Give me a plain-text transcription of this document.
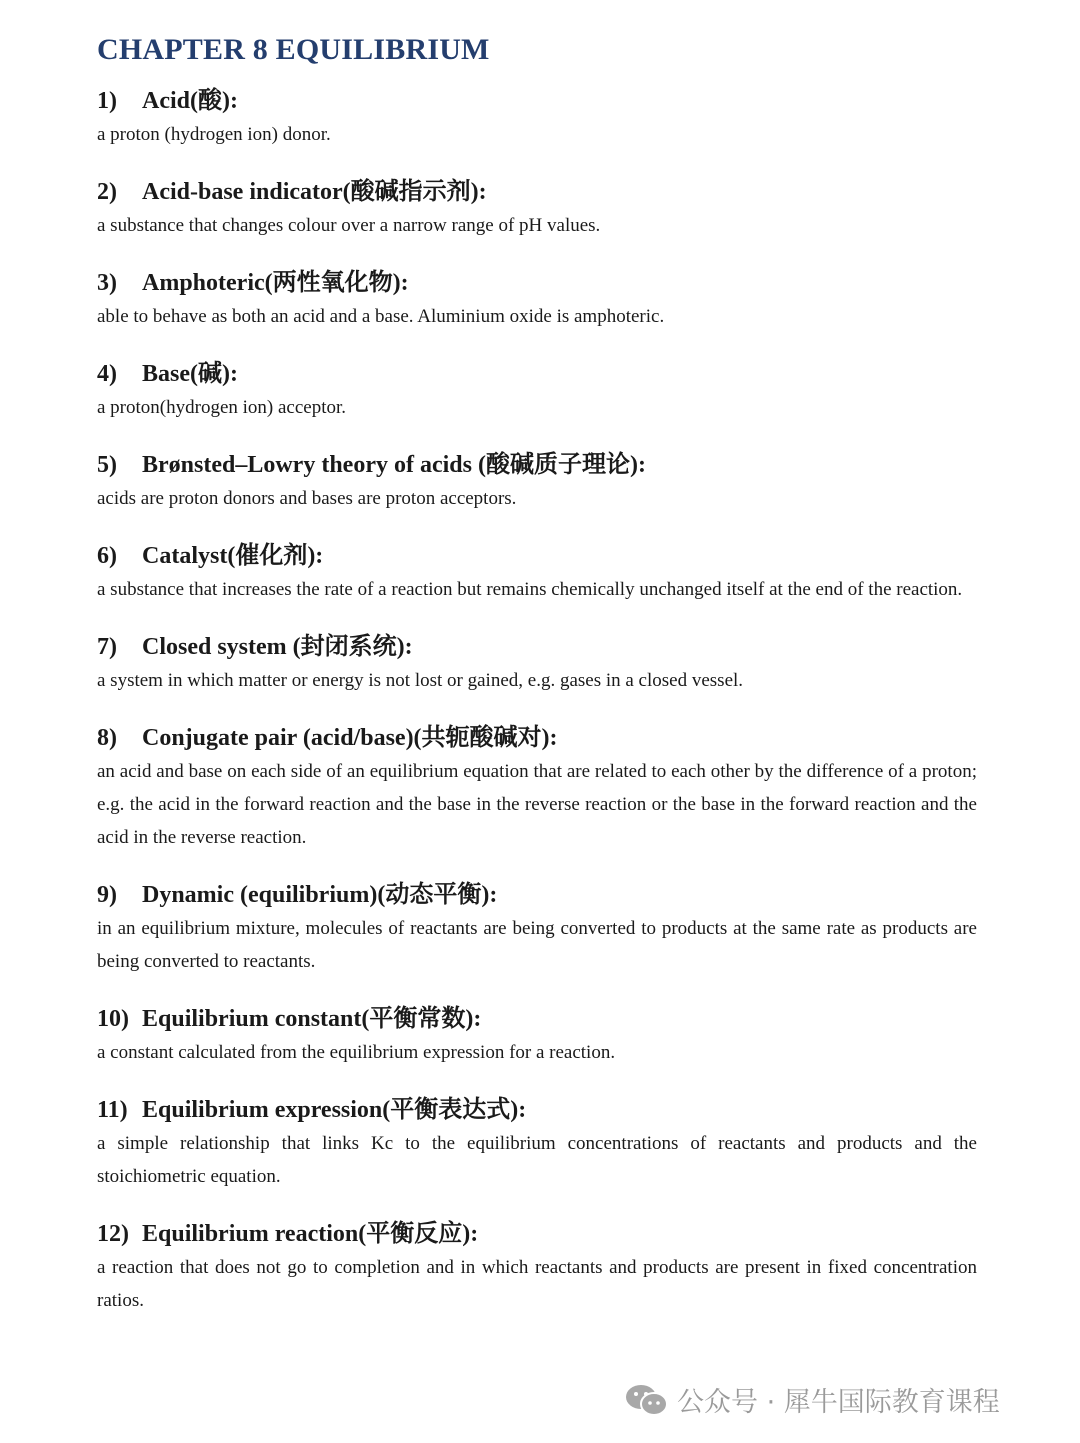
CHAPTER 8 EQUILIBRIUM
1)	Acid(酸):
a proton (hydrogen ion) donor.
2)	Acid-base indicator(酸碱指示剂):
a substance that changes colour over a narrow range of pH values.
3)	Amphoteric(两性氧化物):
able to behave as both an acid and a base. Aluminium oxide is amphoteric.
4)	Base(碱):
a proton(hydrogen ion) acceptor.
5)	Brønsted–Lowry theory of acids (酸碱质子理论):
acids are proton donors and bases are proton acceptors.
6)	Catalyst(催化剂):
a substance that increases the rate of a reaction but remains chemically unchanged itself at the end of the reaction.
7)	Closed system (封闭系统):
a system in which matter or energy is not lost or gained, e.g. gases in a closed vessel.
8)	Conjugate pair (acid/base)(共轭酸碱对):
an acid and base on each side of an equilibrium equation that are related to each other by the difference of a proton; e.g. the acid in the forward reaction and the base in the reverse reaction or the base in the forward reaction and the acid in the reverse reaction.
9)	Dynamic (equilibrium)(动态平衡):
in an equilibrium mixture, molecules of reactants are being converted to products at the same rate as products are being converted to reactants.
10) Equilibrium constant(平衡常数):
a constant calculated from the equilibrium expression for a reaction.
11) Equilibrium expression(平衡表达式):
a simple relationship that links Kc to the equilibrium concentrations of reactants and products and the stoichiometric equation.
12) Equilibrium reaction(平衡反应):
a reaction that does not go to completion and in which reactants and products are present in fixed concentration ratios.
公众号 · 犀牛国际教育课程
